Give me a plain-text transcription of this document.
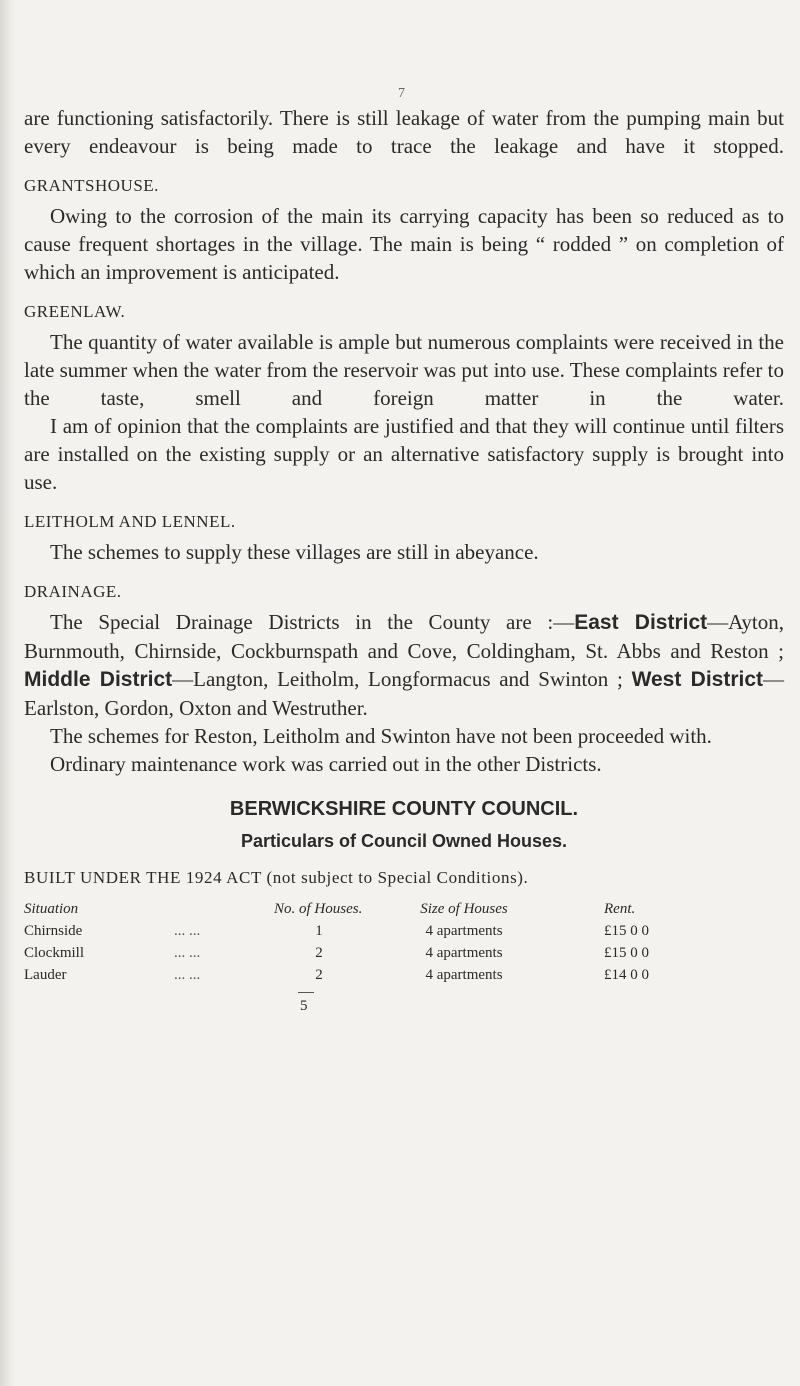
7

are functioning satisfactorily. There is still leakage of water from the pumping main but every endeavour is being made to trace the leakage and have it stopped.

GRANTSHOUSE.

Owing to the corrosion of the main its carrying capacity has been so reduced as to cause frequent shortages in the village. The main is being “ rodded ” on completion of which an improvement is anticipated.

GREENLAW.

The quantity of water available is ample but numerous complaints were received in the late summer when the water from the reservoir was put into use. These complaints refer to the taste, smell and foreign matter in the water.

I am of opinion that the complaints are justified and that they will continue until filters are installed on the existing supply or an alternative satisfactory supply is brought into use.

LEITHOLM AND LENNEL.

The schemes to supply these villages are still in abeyance.

DRAINAGE.

The Special Drainage Districts in the County are :—East District—Ayton, Burnmouth, Chirnside, Cockburnspath and Cove, Coldingham, St. Abbs and Reston ; Middle District—Langton, Leitholm, Longformacus and Swinton ; West District—Earlston, Gordon, Oxton and Westruther.

The schemes for Reston, Leitholm and Swinton have not been proceeded with.

Ordinary maintenance work was carried out in the other Districts.

BERWICKSHIRE COUNTY COUNCIL.
Particulars of Council Owned Houses.
BUILT UNDER THE 1924 ACT (not subject to Special Conditions).
Situation		No. of Houses.	Size of Houses	Rent.
Chirnside	... ...	1	4 apartments	£15 0 0
Clockmill	... ...	2	4 apartments	£15 0 0
Lauder	... ...	2	4 apartments	£14 0 0
5
